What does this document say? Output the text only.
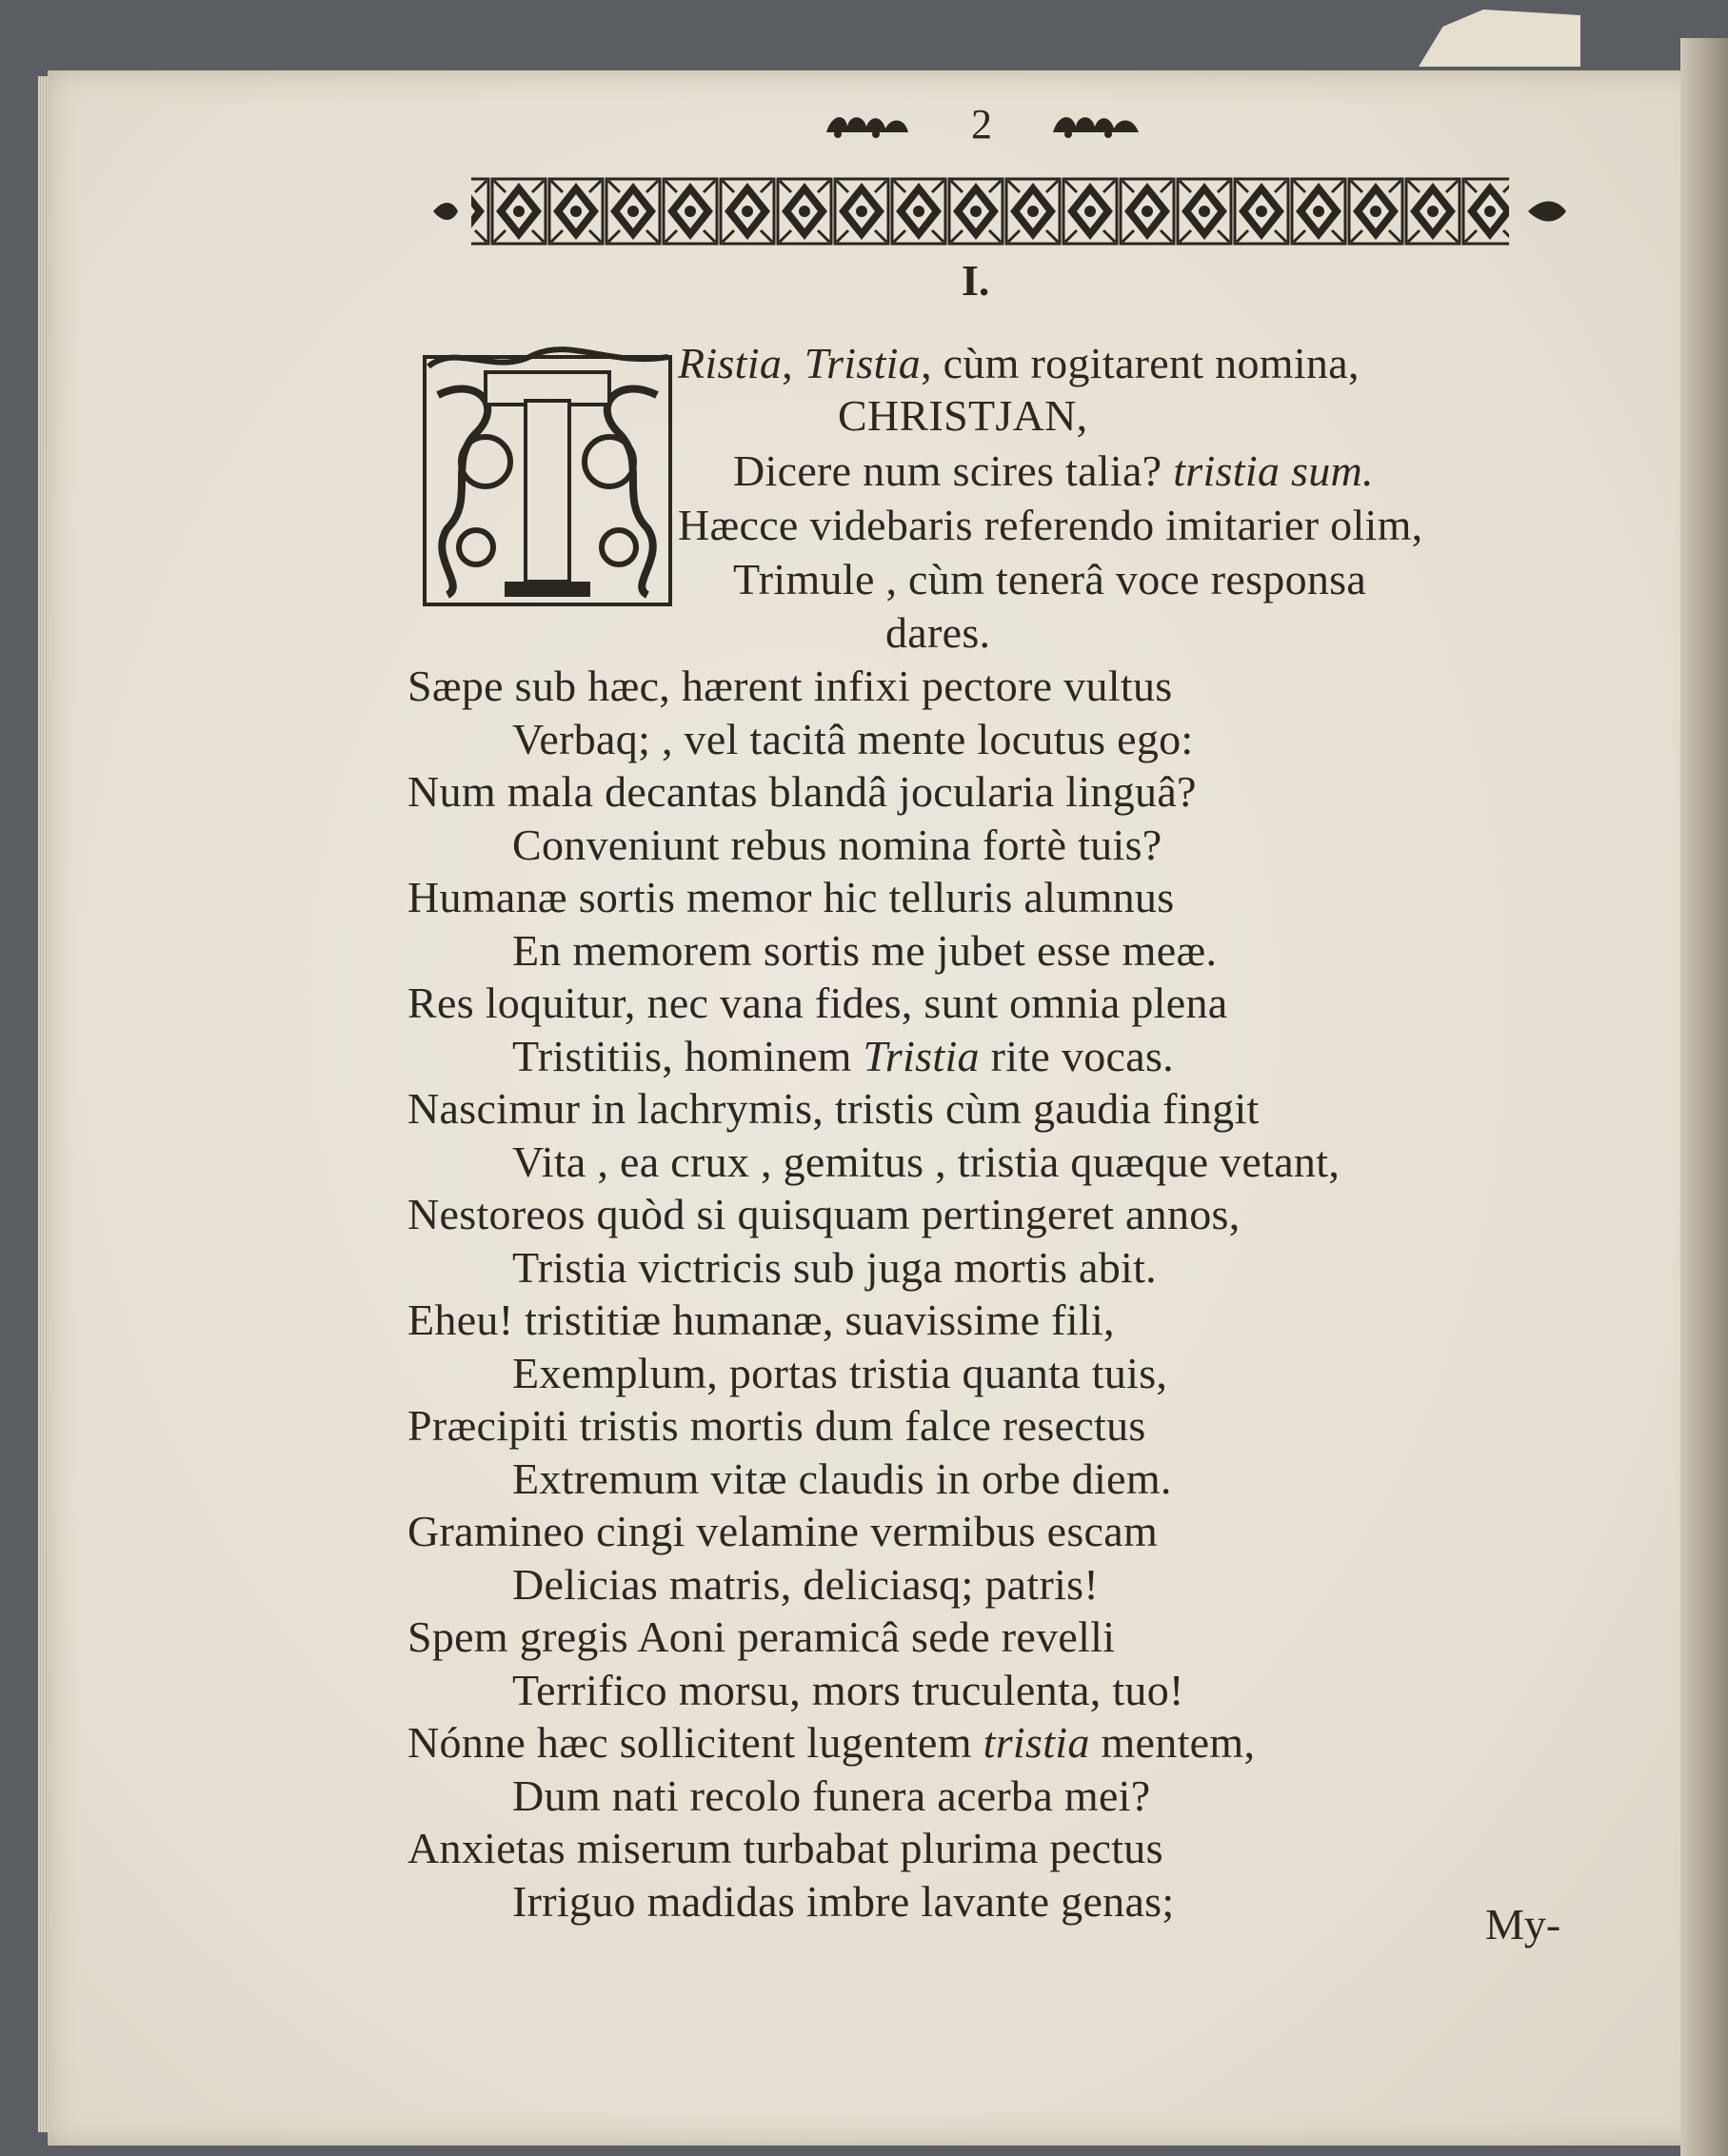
2
I.
T
Ristia, Tristia, cùm rogitarent nomina,
CHRISTJAN,
Dicere num scires talia? tristia sum.
Hæcce videbaris referendo imitarier olim,
Trimule , cùm tenerâ voce responsa
dares.
Sæpe sub hæc, hærent infixi pectore vultus
Verbaq; , vel tacitâ mente locutus ego:
Num mala decantas blandâ jocularia linguâ?
Conveniunt rebus nomina fortè tuis?
Humanæ sortis memor hic telluris alumnus
En memorem sortis me jubet esse meæ.
Res loquitur, nec vana fides, sunt omnia plena
Tristitiis, hominem Tristia rite vocas.
Nascimur in lachrymis, tristis cùm gaudia fingit
Vita , ea crux , gemitus , tristia quæque vetant,
Nestoreos quòd si quisquam pertingeret annos,
Tristia victricis sub juga mortis abit.
Eheu! tristitiæ humanæ, suavissime fili,
Exemplum, portas tristia quanta tuis,
Præcipiti tristis mortis dum falce resectus
Extremum vitæ claudis in orbe diem.
Gramineo cingi velamine vermibus escam
Delicias matris, deliciasq; patris!
Spem gregis Aoni peramicâ sede revelli
Terrifico morsu, mors truculenta, tuo!
Nónne hæc sollicitent lugentem tristia mentem,
Dum nati recolo funera acerba mei?
Anxietas miserum turbabat plurima pectus
Irriguo madidas imbre lavante genas;	My-
